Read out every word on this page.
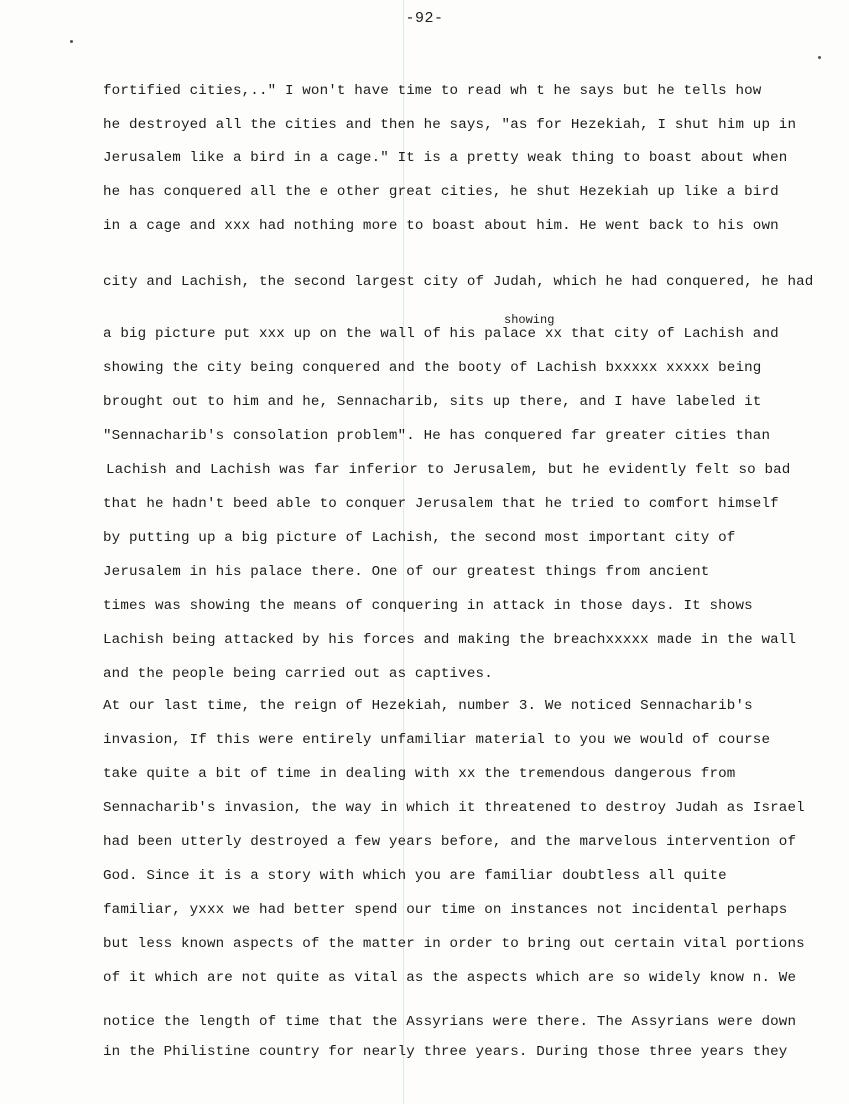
-92-
showing
fortified cities,.." I won't have time to read wh t he says but he tells how
he destroyed all the cities and then he says, "as for Hezekiah, I shut him up in
Jerusalem like a bird in a cage." It is a pretty weak thing to boast about when
he has conquered all the e other great cities, he shut Hezekiah up like a bird
in a cage and xxx had nothing more to boast about him. He went back to his own
city and Lachish, the second largest city of Judah, which he had conquered, he had
a big picture put xxx up on the wall of his palace xx that city of Lachish and
showing the city being conquered and the booty of Lachish bxxxxx xxxxx being
brought out to him and he, Sennacharib, sits up there, and I have labeled it
"Sennacharib's consolation problem". He has conquered far greater cities than
Lachish and Lachish was far inferior to Jerusalem, but he evidently felt so bad
that he hadn't beed able to conquer Jerusalem that he tried to comfort himself
by putting up a big picture of Lachish, the second most important city of
Jerusalem in his palace there. One of our greatest things from ancient
times was showing the means of conquering in attack in those days. It shows
Lachish being attacked by his forces and making the breachxxxxx made in the wall
and the people being carried out as captives.
At our last time, the reign of Hezekiah, number 3. We noticed Sennacharib's
invasion, If this were entirely unfamiliar material to you we would of course
take quite a bit of time in dealing with xx the tremendous dangerous from
Sennacharib's invasion, the way in which it threatened to destroy Judah as Israel
had been utterly destroyed a few years before, and the marvelous intervention of
God. Since it is a story with which you are familiar doubtless all quite
familiar, yxxx we had better spend our time on instances not incidental perhaps
but less known aspects of the matter in order to bring out certain vital portions
of it which are not quite as vital as the aspects which are so widely know n. We
notice the length of time that the Assyrians were there. The Assyrians were down
in the Philistine country for nearly three years. During those three years they
